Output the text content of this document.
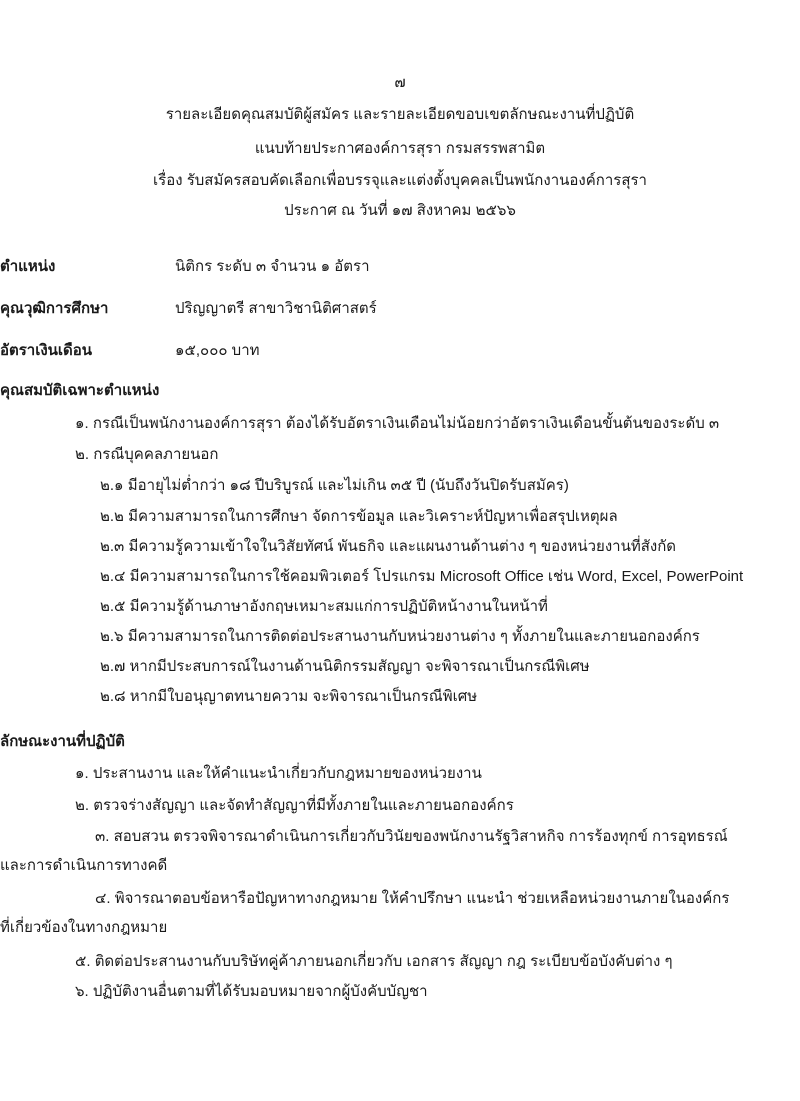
๗
รายละเอียดคุณสมบัติผู้สมัคร และรายละเอียดขอบเขตลักษณะงานที่ปฏิบัติ
แนบท้ายประกาศองค์การสุรา กรมสรรพสามิต
เรื่อง รับสมัครสอบคัดเลือกเพื่อบรรจุและแต่งตั้งบุคคลเป็นพนักงานองค์การสุรา
ประกาศ ณ วันที่ ๑๗ สิงหาคม ๒๕๖๖
ตำแหน่ง	นิติกร ระดับ ๓ จำนวน ๑ อัตรา
คุณวุฒิการศึกษา	ปริญญาตรี สาขาวิชานิติศาสตร์
อัตราเงินเดือน	๑๕,๐๐๐ บาท
คุณสมบัติเฉพาะตำแหน่ง
๑. กรณีเป็นพนักงานองค์การสุรา ต้องได้รับอัตราเงินเดือนไม่น้อยกว่าอัตราเงินเดือนขั้นต้นของระดับ ๓
๒. กรณีบุคคลภายนอก
๒.๑ มีอายุไม่ต่ำกว่า ๑๘ ปีบริบูรณ์ และไม่เกิน ๓๕ ปี (นับถึงวันปิดรับสมัคร)
๒.๒ มีความสามารถในการศึกษา จัดการข้อมูล และวิเคราะห์ปัญหาเพื่อสรุปเหตุผล
๒.๓ มีความรู้ความเข้าใจในวิสัยทัศน์ พันธกิจ และแผนงานด้านต่าง ๆ ของหน่วยงานที่สังกัด
๒.๔ มีความสามารถในการใช้คอมพิวเตอร์ โปรแกรม Microsoft Office เช่น Word, Excel, PowerPoint
๒.๕ มีความรู้ด้านภาษาอังกฤษเหมาะสมแก่การปฏิบัติหน้างานในหน้าที่
๒.๖ มีความสามารถในการติดต่อประสานงานกับหน่วยงานต่าง ๆ ทั้งภายในและภายนอกองค์กร
๒.๗ หากมีประสบการณ์ในงานด้านนิติกรรมสัญญา จะพิจารณาเป็นกรณีพิเศษ
๒.๘ หากมีใบอนุญาตทนายความ จะพิจารณาเป็นกรณีพิเศษ
ลักษณะงานที่ปฏิบัติ
๑. ประสานงาน และให้คำแนะนำเกี่ยวกับกฎหมายของหน่วยงาน
๒. ตรวจร่างสัญญา และจัดทำสัญญาที่มีทั้งภายในและภายนอกองค์กร
๓. สอบสวน ตรวจพิจารณาดำเนินการเกี่ยวกับวินัยของพนักงานรัฐวิสาหกิจ การร้องทุกข์ การอุทธรณ์
และการดำเนินการทางคดี
๔. พิจารณาตอบข้อหารือปัญหาทางกฎหมาย ให้คำปรึกษา แนะนำ ช่วยเหลือหน่วยงานภายในองค์กร
ที่เกี่ยวข้องในทางกฎหมาย
๕. ติดต่อประสานงานกับบริษัทคู่ค้าภายนอกเกี่ยวกับ เอกสาร สัญญา กฎ ระเบียบข้อบังคับต่าง ๆ
๖. ปฏิบัติงานอื่นตามที่ได้รับมอบหมายจากผู้บังคับบัญชา
